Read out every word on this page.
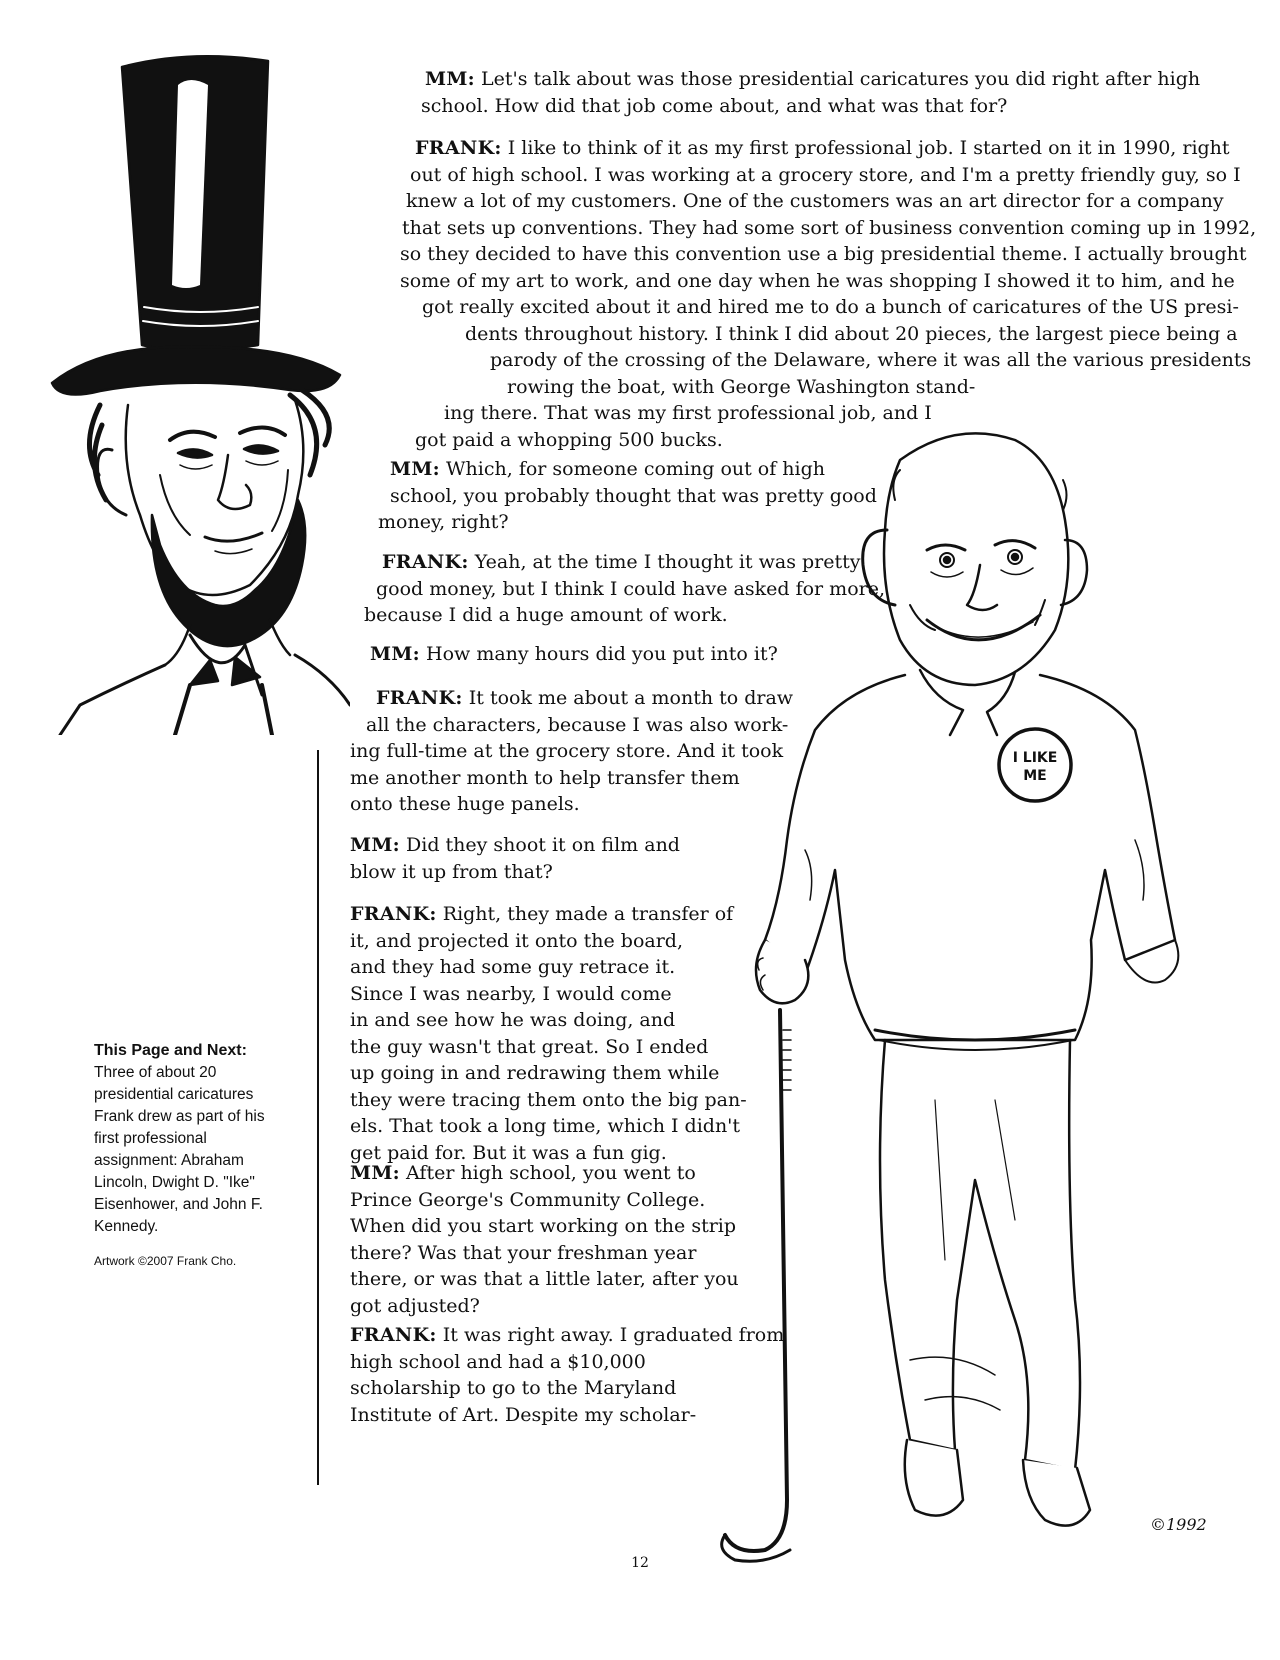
I LIKE
ME
©1992
MM: Let's talk about was those presidential caricatures you did right after high
school. How did that job come about, and what was that for?
FRANK: I like to think of it as my first professional job. I started on it in 1990, right
out of high school. I was working at a grocery store, and I'm a pretty friendly guy, so I
knew a lot of my customers. One of the customers was an art director for a company
that sets up conventions. They had some sort of business convention coming up in 1992,
so they decided to have this convention use a big presidential theme. I actually brought
some of my art to work, and one day when he was shopping I showed it to him, and he
got really excited about it and hired me to do a bunch of caricatures of the US presi-
dents throughout history. I think I did about 20 pieces, the largest piece being a
parody of the crossing of the Delaware, where it was all the various presidents
rowing the boat, with George Washington stand-
ing there. That was my first professional job, and I
got paid a whopping 500 bucks.
MM: Which, for someone coming out of high
school, you probably thought that was pretty good
money, right?
FRANK: Yeah, at the time I thought it was pretty
good money, but I think I could have asked for more,
because I did a huge amount of work.
MM: How many hours did you put into it?
FRANK: It took me about a month to draw
all the characters, because I was also work-
ing full-time at the grocery store. And it took
me another month to help transfer them
onto these huge panels.
MM: Did they shoot it on film and
blow it up from that?
FRANK: Right, they made a transfer of
it, and projected it onto the board,
and they had some guy retrace it.
Since I was nearby, I would come
in and see how he was doing, and
the guy wasn't that great. So I ended
up going in and redrawing them while
they were tracing them onto the big pan-
els. That took a long time, which I didn't
get paid for. But it was a fun gig.
MM: After high school, you went to
Prince George's Community College.
When did you start working on the strip
there? Was that your freshman year
there, or was that a little later, after you
got adjusted?
FRANK: It was right away. I graduated from
high school and had a $10,000
scholarship to go to the Maryland
Institute of Art. Despite my scholar-
This Page and Next:
Three of about 20
presidential caricatures
Frank drew as part of his
first professional
assignment: Abraham
Lincoln, Dwight D. "Ike"
Eisenhower, and John F.
Kennedy.
Artwork ©2007 Frank Cho.
12
